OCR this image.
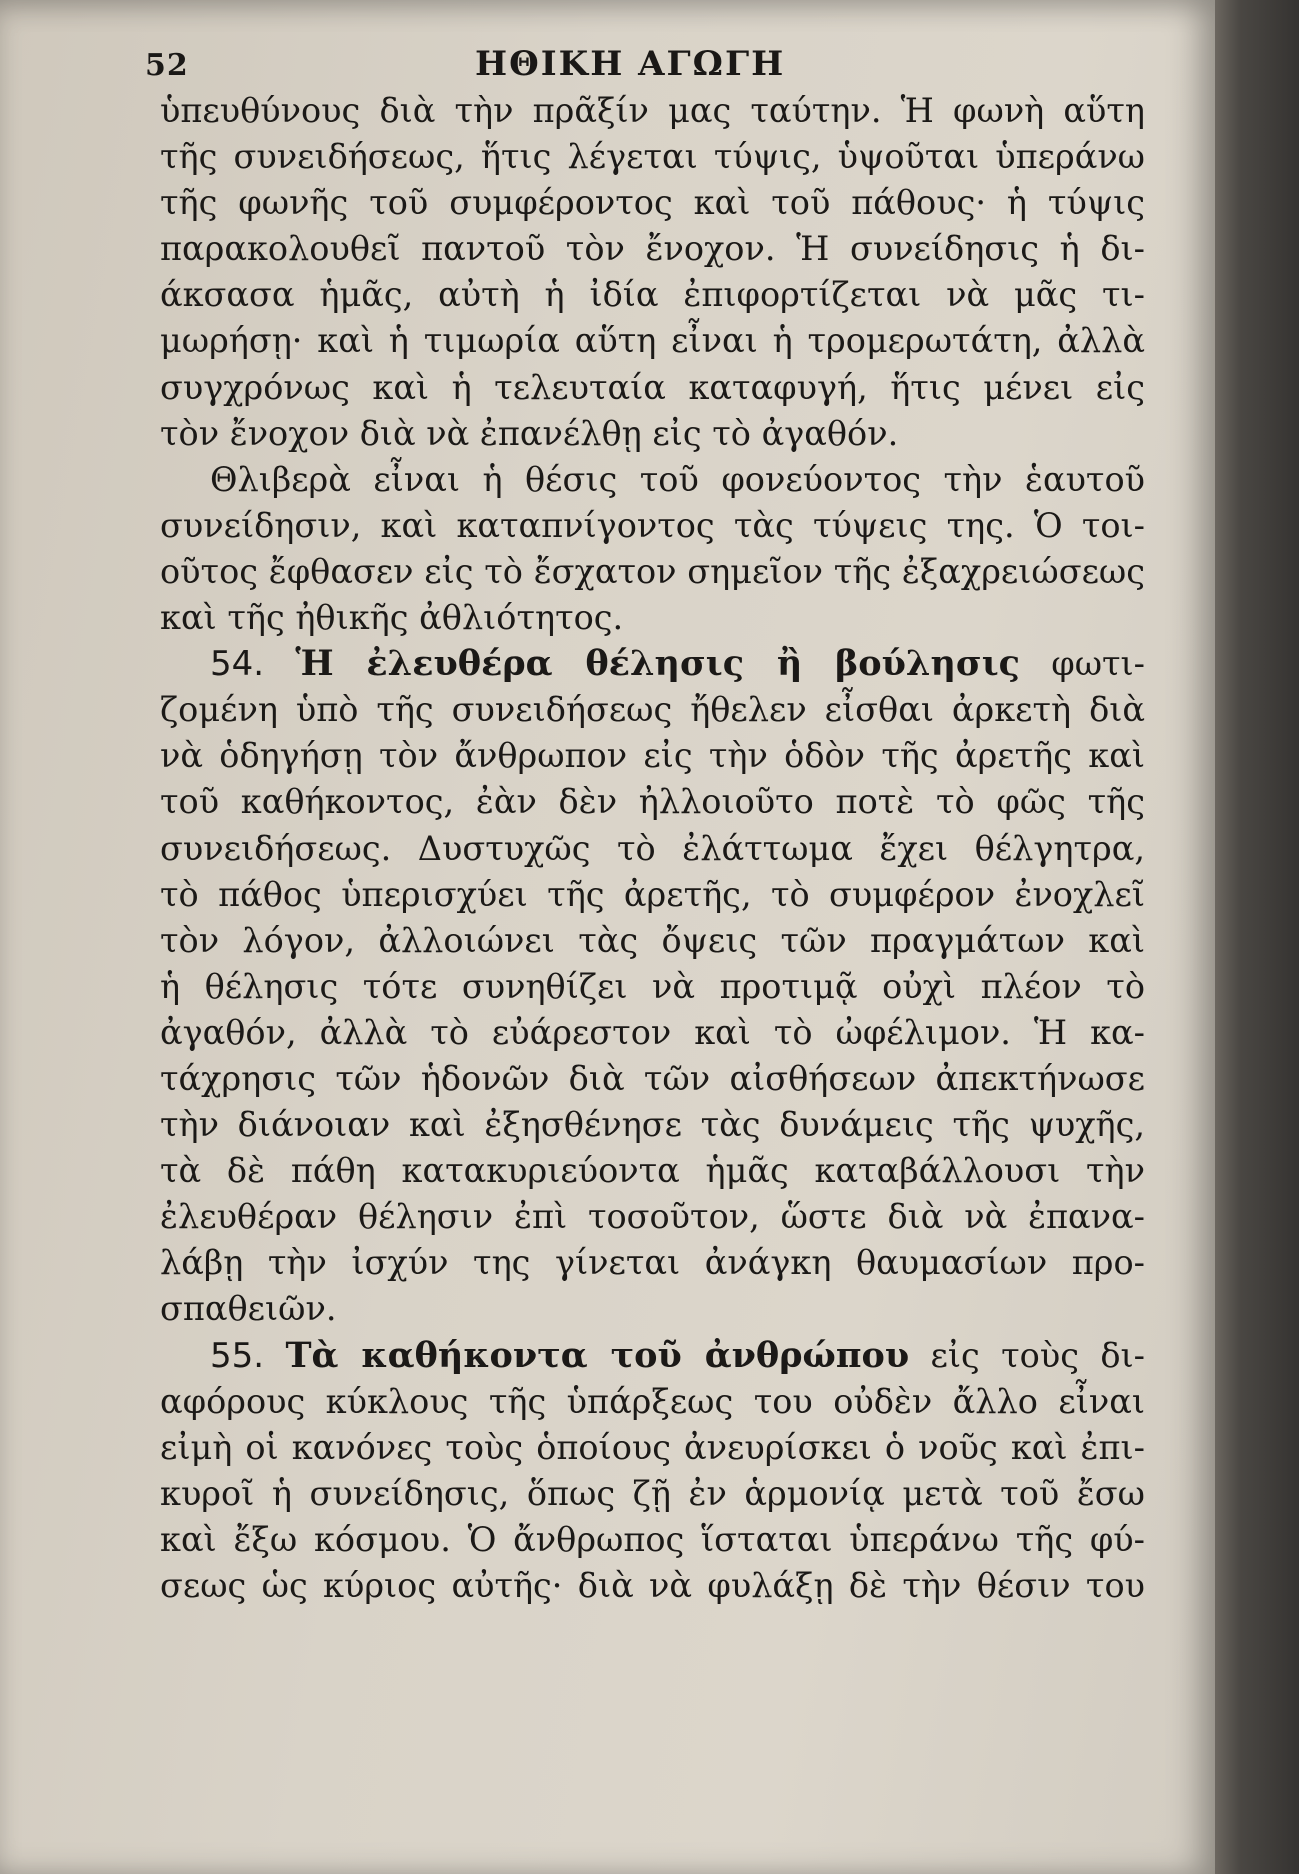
52	ΗΘΙΚΗ ΑΓΩΓΗ
ὑπευθύνους διὰ τὴν πρᾶξίν μας ταύτην. Ἡ φωνὴ αὕτη
τῆς συνειδήσεως, ἥτις λέγεται τύψις, ὑψοῦται ὑπεράνω
τῆς φωνῆς τοῦ συμφέροντος καὶ τοῦ πάθους· ἡ τύψις
παρακολουθεῖ παντοῦ τὸν ἔνοχον. Ἡ συνείδησις ἡ δι-
άκσασα ἡμᾶς, αὐτὴ ἡ ἰδία ἐπιφορτίζεται νὰ μᾶς τι-
μωρήσῃ· καὶ ἡ τιμωρία αὕτη εἶναι ἡ τρομερωτάτη, ἀλλὰ
συγχρόνως καὶ ἡ τελευταία καταφυγή, ἥτις μένει εἰς
τὸν ἔνοχον διὰ νὰ ἐπανέλθῃ εἰς τὸ ἀγαθόν.
Θλιβερὰ εἶναι ἡ θέσις τοῦ φονεύοντος τὴν ἑαυτοῦ
συνείδησιν, καὶ καταπνίγοντος τὰς τύψεις της. Ὁ τοι-
οῦτος ἔφθασεν εἰς τὸ ἔσχατον σημεῖον τῆς ἐξαχρειώσεως
καὶ τῆς ἠθικῆς ἀθλιότητος.
54. Ἡ ἐλευθέρα θέλησις ἢ βούλησις φωτι-
ζομένη ὑπὸ τῆς συνειδήσεως ἤθελεν εἶσθαι ἀρκετὴ διὰ
νὰ ὁδηγήσῃ τὸν ἄνθρωπον εἰς τὴν ὁδὸν τῆς ἀρετῆς καὶ
τοῦ καθήκοντος, ἐὰν δὲν ἠλλοιοῦτο ποτὲ τὸ φῶς τῆς
συνειδήσεως. Δυστυχῶς τὸ ἐλάττωμα ἔχει θέλγητρα,
τὸ πάθος ὑπερισχύει τῆς ἀρετῆς, τὸ συμφέρον ἐνοχλεῖ
τὸν λόγον, ἀλλοιώνει τὰς ὄψεις τῶν πραγμάτων καὶ
ἡ θέλησις τότε συνηθίζει νὰ προτιμᾷ οὐχὶ πλέον τὸ
ἀγαθόν, ἀλλὰ τὸ εὐάρεστον καὶ τὸ ὠφέλιμον. Ἡ κα-
τάχρησις τῶν ἡδονῶν διὰ τῶν αἰσθήσεων ἀπεκτήνωσε
τὴν διάνοιαν καὶ ἐξησθένησε τὰς δυνάμεις τῆς ψυχῆς,
τὰ δὲ πάθη κατακυριεύοντα ἡμᾶς καταβάλλουσι τὴν
ἐλευθέραν θέλησιν ἐπὶ τοσοῦτον, ὥστε διὰ νὰ ἐπανα-
λάβῃ τὴν ἰσχύν της γίνεται ἀνάγκη θαυμασίων προ-
σπαθειῶν.
55. Τὰ καθήκοντα τοῦ ἀνθρώπου εἰς τοὺς δι-
αφόρους κύκλους τῆς ὑπάρξεως του οὐδὲν ἄλλο εἶναι
εἰμὴ οἱ κανόνες τοὺς ὁποίους ἀνευρίσκει ὁ νοῦς καὶ ἐπι-
κυροῖ ἡ συνείδησις, ὅπως ζῇ ἐν ἁρμονίᾳ μετὰ τοῦ ἔσω
καὶ ἔξω κόσμου. Ὁ ἄνθρωπος ἵσταται ὑπεράνω τῆς φύ-
σεως ὡς κύριος αὐτῆς· διὰ νὰ φυλάξῃ δὲ τὴν θέσιν του
